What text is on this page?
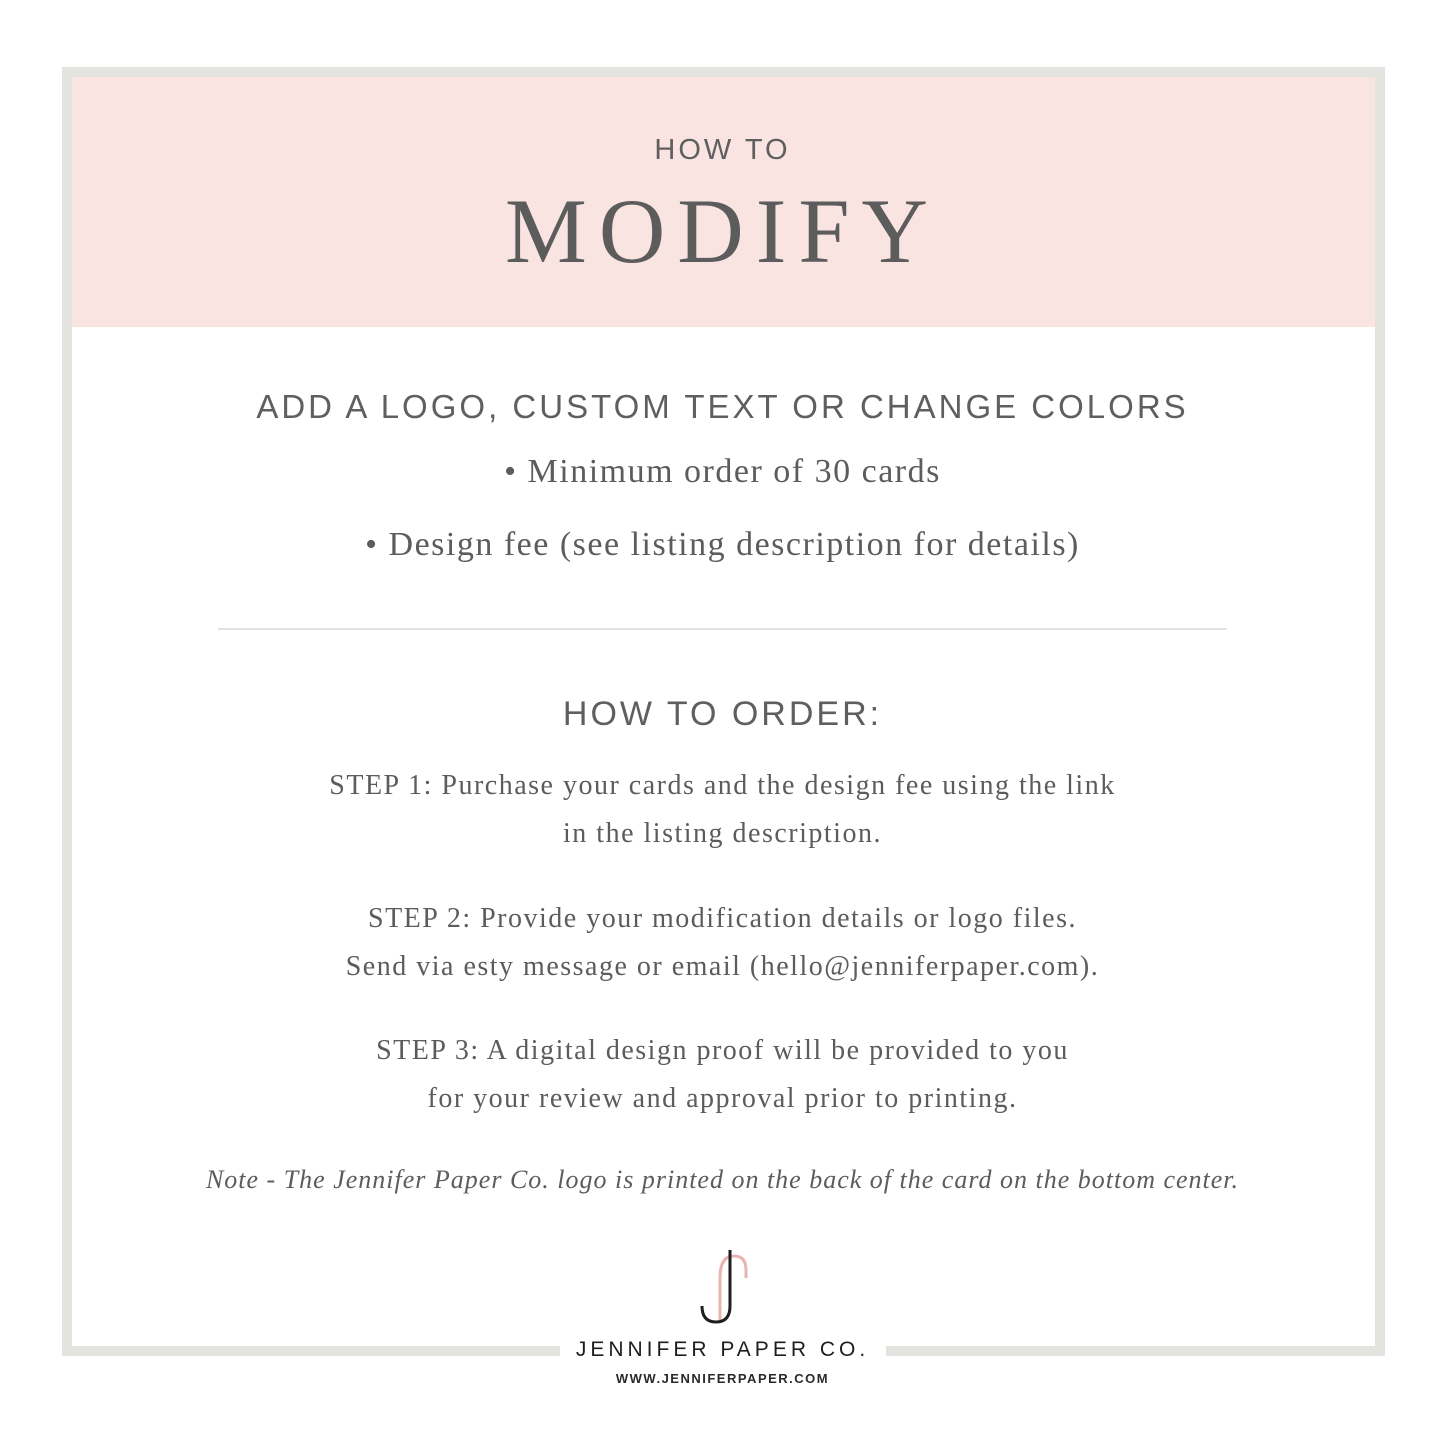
HOW TO
MODIFY
ADD A LOGO, CUSTOM TEXT OR CHANGE COLORS
• Minimum order of 30 cards
• Design fee (see listing description for details)
HOW TO ORDER:
STEP 1: Purchase your cards and the design fee using the link
in the listing description.
STEP 2: Provide your modification details or logo files.
Send via esty message or email (hello@jenniferpaper.com).
STEP 3: A digital design proof will be provided to you
for your review and approval prior to printing.
Note - The Jennifer Paper Co. logo is printed on the back of the card on the bottom center.
JENNIFER PAPER CO.
WWW.JENNIFERPAPER.COM
